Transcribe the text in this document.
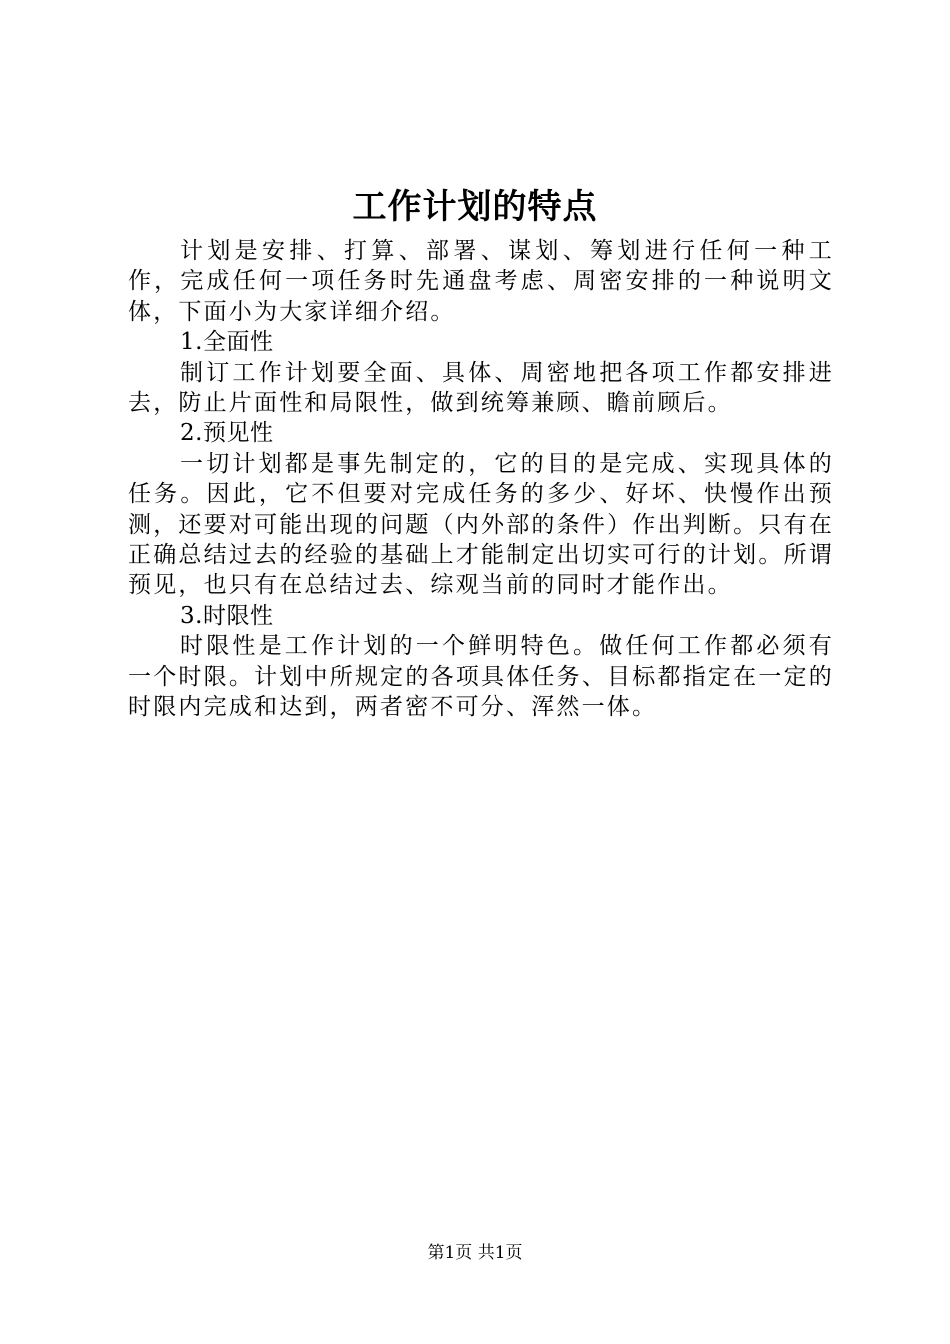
工作计划的特点

计划是安排、打算、部署、谋划、筹划进行任何一种工作，完成任何一项任务时先通盘考虑、周密安排的一种说明文体，下面小为大家详细介绍。

1.全面性

制订工作计划要全面、具体、周密地把各项工作都安排进去，防止片面性和局限性，做到统筹兼顾、瞻前顾后。

2.预见性

一切计划都是事先制定的，它的目的是完成、实现具体的任务。因此，它不但要对完成任务的多少、好坏、快慢作出预测，还要对可能出现的问题（内外部的条件）作出判断。只有在正确总结过去的经验的基础上才能制定出切实可行的计划。所谓预见，也只有在总结过去、综观当前的同时才能作出。

3.时限性

时限性是工作计划的一个鲜明特色。做任何工作都必须有一个时限。计划中所规定的各项具体任务、目标都指定在一定的时限内完成和达到，两者密不可分、浑然一体。

第1页 共1页
